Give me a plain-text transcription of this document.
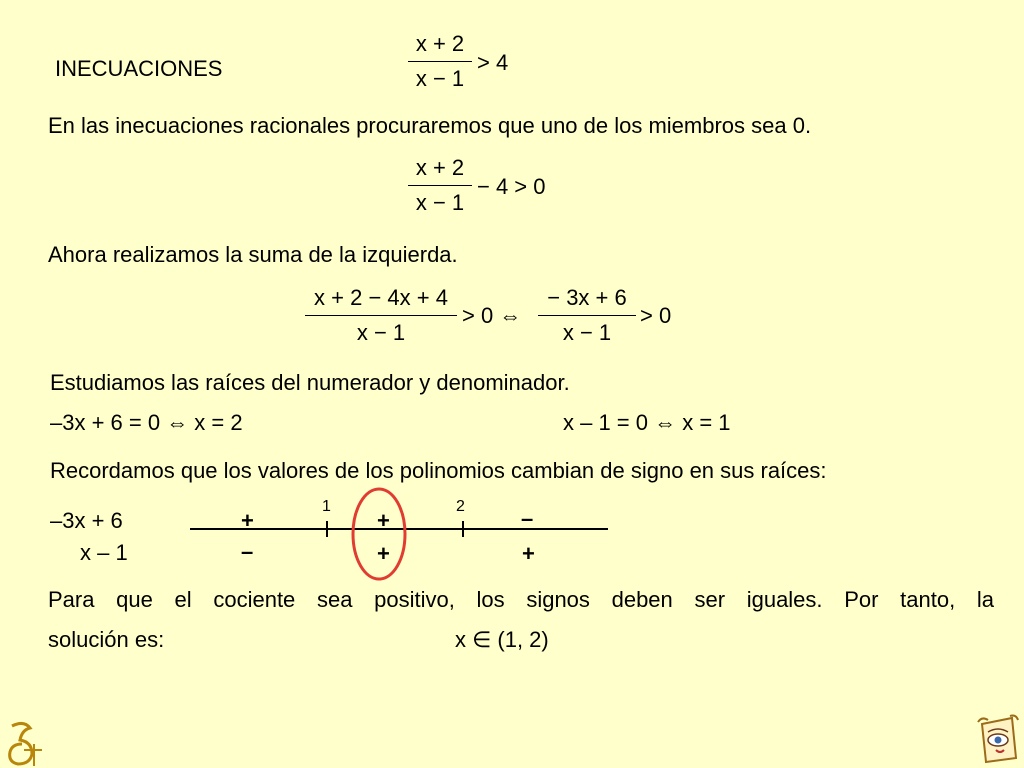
INECUACIONES
x + 2
x − 1
> 4
En las inecuaciones racionales procuraremos que uno de los miembros sea 0.
x + 2
x − 1
− 4 > 0
Ahora realizamos la suma de la izquierda.
x + 2 − 4x + 4
x − 1
> 0 ⇔
− 3x + 6
x − 1
> 0
Estudiamos las raíces del numerador y denominador.
–3x + 6 = 0 ⇔ x = 2	x – 1 = 0 ⇔ x = 1
Recordamos que los valores de los polinomios cambian de signo en sus raíces:
–3x + 6
x – 1
1	2
+	+	–
–	+	+
Para que el cociente sea positivo, los signos deben ser iguales. Por tanto, la
solución es:	x ∈ (1, 2)
